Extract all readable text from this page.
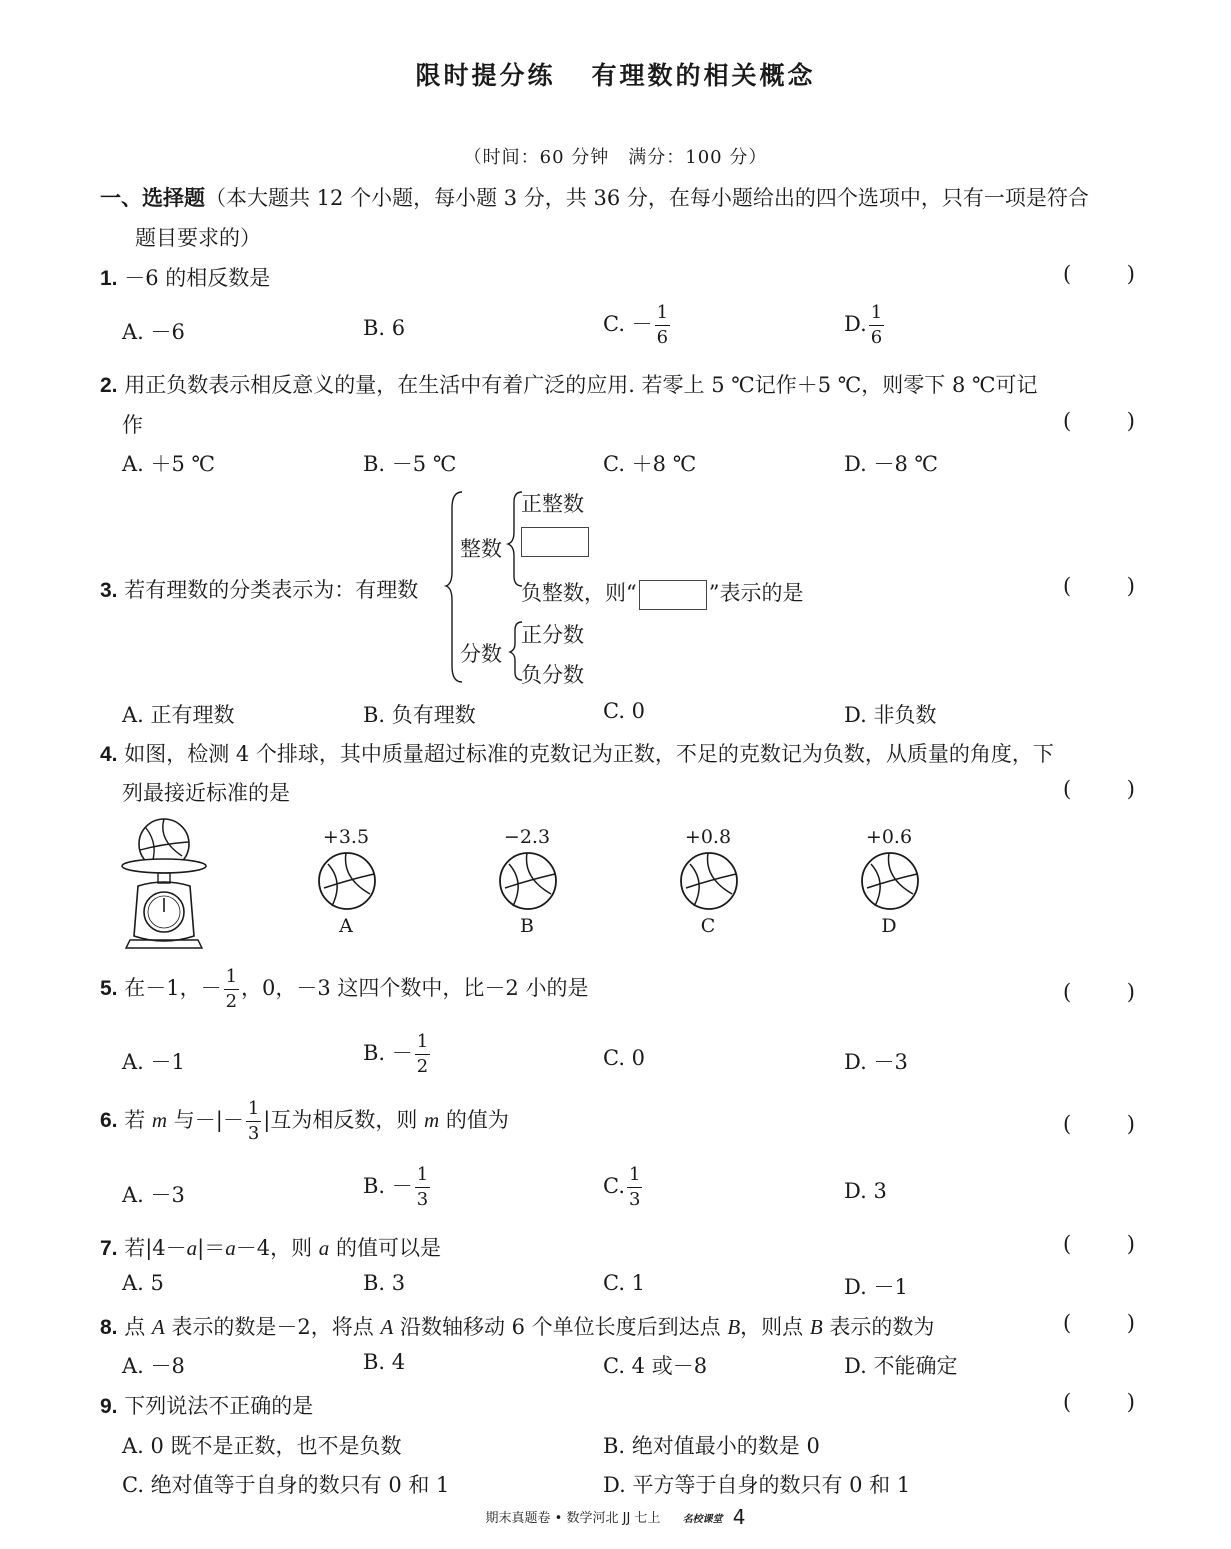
限时提分练 有理数的相关概念
（时间：60 分钟　满分：100 分）
一、选择题（本大题共 12 个小题，每小题 3 分，共 36 分，在每小题给出的四个选项中，只有一项是符合
题目要求的）
1. －6 的相反数是	(	)
A. －6	B. 6	C. － $\frac{1}{6}$	D. $\frac{1}{6}$
2. 用正负数表示相反意义的量，在生活中有着广泛的应用. 若零上 5 ℃记作＋5 ℃，则零下 8 ℃可记
作	(	)
A. ＋5 ℃	B. －5 ℃	C. ＋8 ℃	D. －8 ℃
3. 若有理数的分类表示为：有理数
整数
正整数
负整数，则“	”表示的是
分数
正分数
负分数
(	)
A. 正有理数	B. 负有理数	C. 0	D. 非负数
4. 如图，检测 4 个排球，其中质量超过标准的克数记为正数，不足的克数记为负数，从质量的角度，下
列最接近标准的是	(	)
+3.5
A
−2.3
B
+0.8
C
+0.6
D
5. 在－1，－ $\frac{1}{2}$ ，0，－3 这四个数中，比－2 小的是	(	)
A. －1	B. － $\frac{1}{2}$	C. 0	D. －3
6. 若 m 与－|－ $\frac{1}{3}$ |互为相反数，则 m 的值为	(	)
A. －3	B. － $\frac{1}{3}$	C. $\frac{1}{3}$	D. 3
7. 若|4－a|＝a－4，则 a 的值可以是	(	)
A. 5	B. 3	C. 1	D. －1
8. 点 A 表示的数是－2，将点 A 沿数轴移动 6 个单位长度后到达点 B，则点 B 表示的数为	(	)
A. －8	B. 4	C. 4 或－8	D. 不能确定
9. 下列说法不正确的是	(	)
A. 0 既不是正数，也不是负数	B. 绝对值最小的数是 0
C. 绝对值等于自身的数只有 0 和 1	D. 平方等于自身的数只有 0 和 1
期末真题卷 • 数学河北 JJ 七上 名校课堂 4
